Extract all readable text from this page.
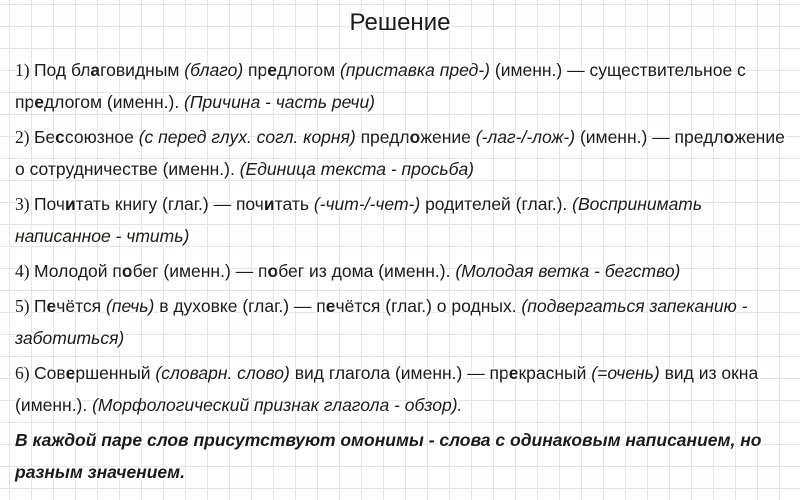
Решение

1) Под благовидным (благо) предлогом (приставка пред-) (именн.) — существительное с предлогом (именн.). (Причина - часть речи)

2) Бессоюзное (с перед глух. согл. корня) предложение (-лаг-/-лож-) (именн.) — предложение о сотрудничестве (именн.). (Единица текста - просьба)

3) Почитать книгу (глаг.) — почитать (-чит-/-чет-) родителей (глаг.). (Воспринимать написанное - чтить)

4) Молодой побег (именн.) — побег из дома (именн.). (Молодая ветка - бегство)

5) Печётся (печь) в духовке (глаг.) — печётся (глаг.) о родных. (подвергаться запеканию - заботиться)

6) Совершенный (словарн. слово) вид глагола (именн.) — прекрасный (=очень) вид из окна (именн.). (Морфологический признак глагола - обзор).

В каждой паре слов присутствуют омонимы - слова с одинаковым написанием, но разным значением.
